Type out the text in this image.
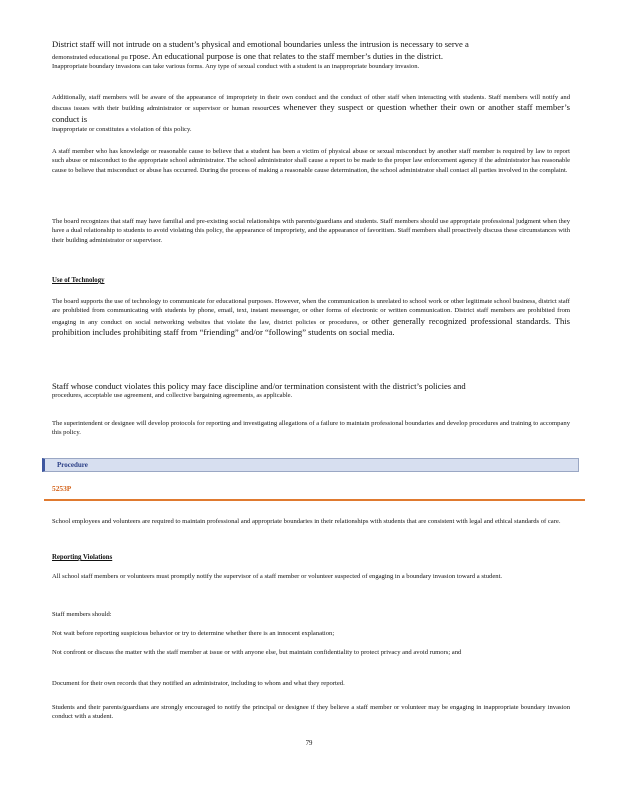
District staff will not intrude on a student’s physical and emotional boundaries unless the intrusion is necessary to serve a

demonstrated educational pu rpose. An educational purpose is one that relates to the staff member’s duties in the district.

Inappropriate boundary invasions can take various forms. Any type of sexual conduct with a student is an inappropriate boundary invasion.

Additionally, staff members will be aware of the appearance of impropriety in their own conduct and the conduct of other staff when interacting with students. Staff members will notify and discuss issues with their building administrator or supervisor or human resources whenever they suspect or question whether their own or another staff member’s conduct is

inappropriate or constitutes a violation of this policy.

A staff member who has knowledge or reasonable cause to believe that a student has been a victim of physical abuse or sexual misconduct by another staff member is required by law to report such abuse or misconduct to the appropriate school administrator. The school administrator shall cause a report to be made to the proper law enforcement agency if the administrator has reasonable cause to believe that misconduct or abuse has occurred. During the process of making a reasonable cause determination, the school administrator shall contact all parties involved in the complaint.

The board recognizes that staff may have familial and pre-existing social relationships with parents/guardians and students. Staff members should use appropriate professional judgment when they have a dual relationship to students to avoid violating this policy, the appearance of impropriety, and the appearance of favoritism. Staff members shall proactively discuss these circumstances with their building administrator or supervisor.

Use of Technology

The board supports the use of technology to communicate for educational purposes. However, when the communication is unrelated to school work or other legitimate school business, district staff are prohibited from communicating with students by phone, email, text, instant messenger, or other forms of electronic or written communication. District staff members are prohibited from engaging in any conduct on social networking websites that violate the law, district policies or procedures, or other generally recognized professional standards. This prohibition includes prohibiting staff from “friending” and/or “following” students on social media.

Staff whose conduct violates this policy may face discipline and/or termination consistent with the district’s policies and

procedures, acceptable use agreement, and collective bargaining agreements, as applicable.

The superintendent or designee will develop protocols for reporting and investigating allegations of a failure to maintain professional boundaries and develop procedures and training to accompany this policy.

Procedure
5253P

School employees and volunteers are required to maintain professional and appropriate boundaries in their relationships with students that are consistent with legal and ethical standards of care.

Reporting Violations

All school staff members or volunteers must promptly notify the supervisor of a staff member or volunteer suspected of engaging in a boundary invasion toward a student.

Staff members should:

Not wait before reporting suspicious behavior or try to determine whether there is an innocent explanation;

Not confront or discuss the matter with the staff member at issue or with anyone else, but maintain confidentiality to protect privacy and avoid rumors; and

Document for their own records that they notified an administrator, including to whom and what they reported.

Students and their parents/guardians are strongly encouraged to notify the principal or designee if they believe a staff member or volunteer may be engaging in inappropriate boundary invasion conduct with a student.

79
